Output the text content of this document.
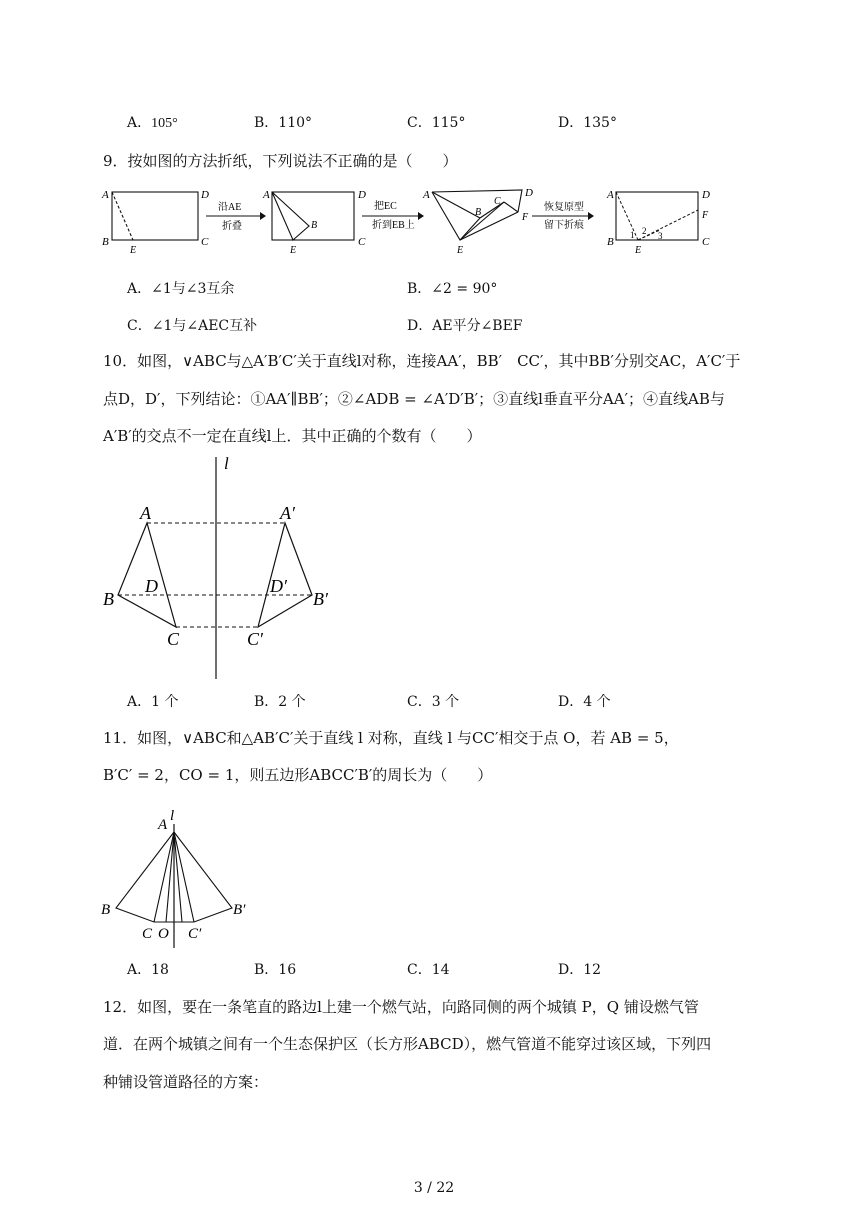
A．105°	B．110°	C．115°	D．135°
9．按如图的方法折纸，下列说法不正确的是（　　）
A	D
B	C
E
沿AE
折叠
A	D
B
C
E
把EC
折到EB上
A	D
B
C
F
E
恢复原型
留下折痕
A	D
F
B	C
E
1 2 3
A．∠1与∠3互余	B．∠2 = 90°
C．∠1与∠AEC互补	D．AE平分∠BEF
10．如图，∨ABC与△A′B′C′关于直线l对称，连接AA′，BB′　CC′，其中BB′分别交AC，A′C′于
点D，D′，下列结论：①AA′∥BB′；②∠ADB = ∠A′D′B′；③直线l垂直平分AA′；④直线AB与
A′B′的交点不一定在直线l上．其中正确的个数有（　　）
l
A	A′
B	B′
D	D′
C	C′
A．1 个	B．2 个	C．3 个	D．4 个
11．如图，∨ABC和△AB′C′关于直线 l 对称，直线 l 与CC′相交于点 O，若 AB = 5，
B′C′ = 2，CO = 1，则五边形ABCC′B′的周长为（　　）
l
A
B	B′
C O C′
A．18	B．16	C．14	D．12
12．如图，要在一条笔直的路边l上建一个燃气站，向路同侧的两个城镇 P，Q 铺设燃气管
道．在两个城镇之间有一个生态保护区（长方形ABCD），燃气管道不能穿过该区域，下列四
种铺设管道路径的方案：
3 / 22
